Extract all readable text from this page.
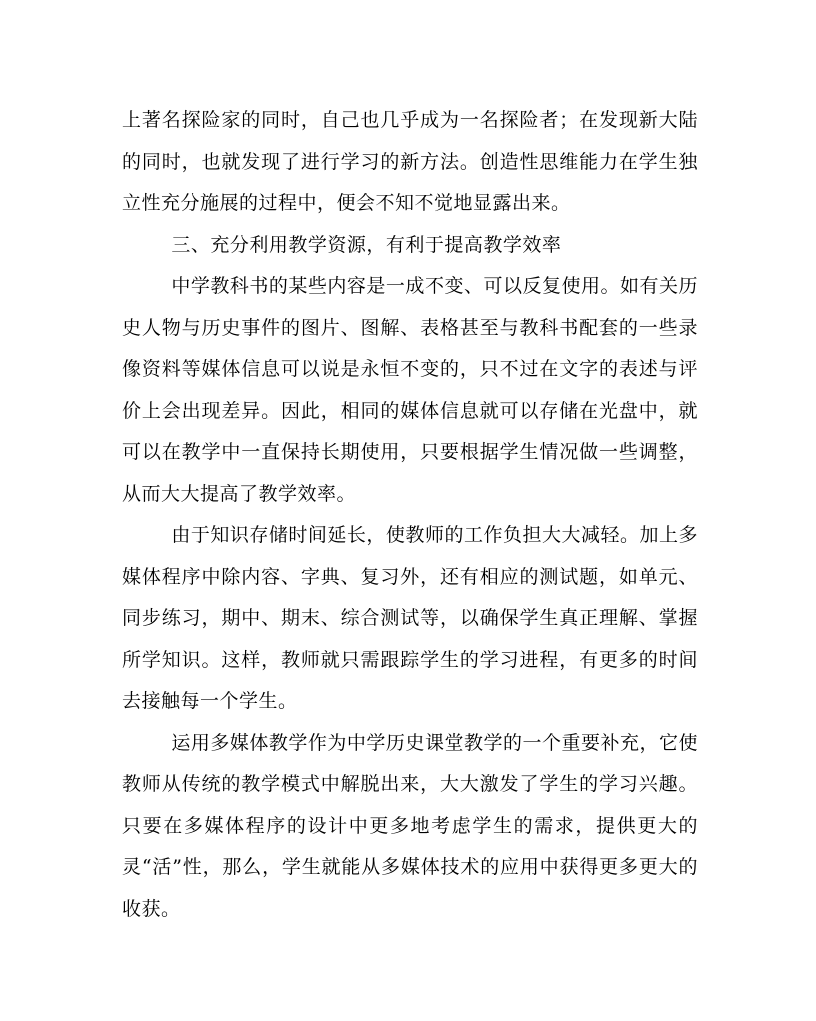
上著名探险家的同时，自己也几乎成为一名探险者；在发现新大陆的同时，也就发现了进行学习的新方法。创造性思维能力在学生独立性充分施展的过程中，便会不知不觉地显露出来。

三、充分利用教学资源，有利于提高教学效率

中学教科书的某些内容是一成不变、可以反复使用。如有关历史人物与历史事件的图片、图解、表格甚至与教科书配套的一些录像资料等媒体信息可以说是永恒不变的，只不过在文字的表述与评价上会出现差异。因此，相同的媒体信息就可以存储在光盘中，就可以在教学中一直保持长期使用，只要根据学生情况做一些调整，从而大大提高了教学效率。

由于知识存储时间延长，使教师的工作负担大大减轻。加上多媒体程序中除内容、字典、复习外，还有相应的测试题，如单元、同步练习，期中、期末、综合测试等，以确保学生真正理解、掌握所学知识。这样，教师就只需跟踪学生的学习进程，有更多的时间去接触每一个学生。

运用多媒体教学作为中学历史课堂教学的一个重要补充，它使教师从传统的教学模式中解脱出来，大大激发了学生的学习兴趣。只要在多媒体程序的设计中更多地考虑学生的需求，提供更大的灵“活”性，那么，学生就能从多媒体技术的应用中获得更多更大的收获。
